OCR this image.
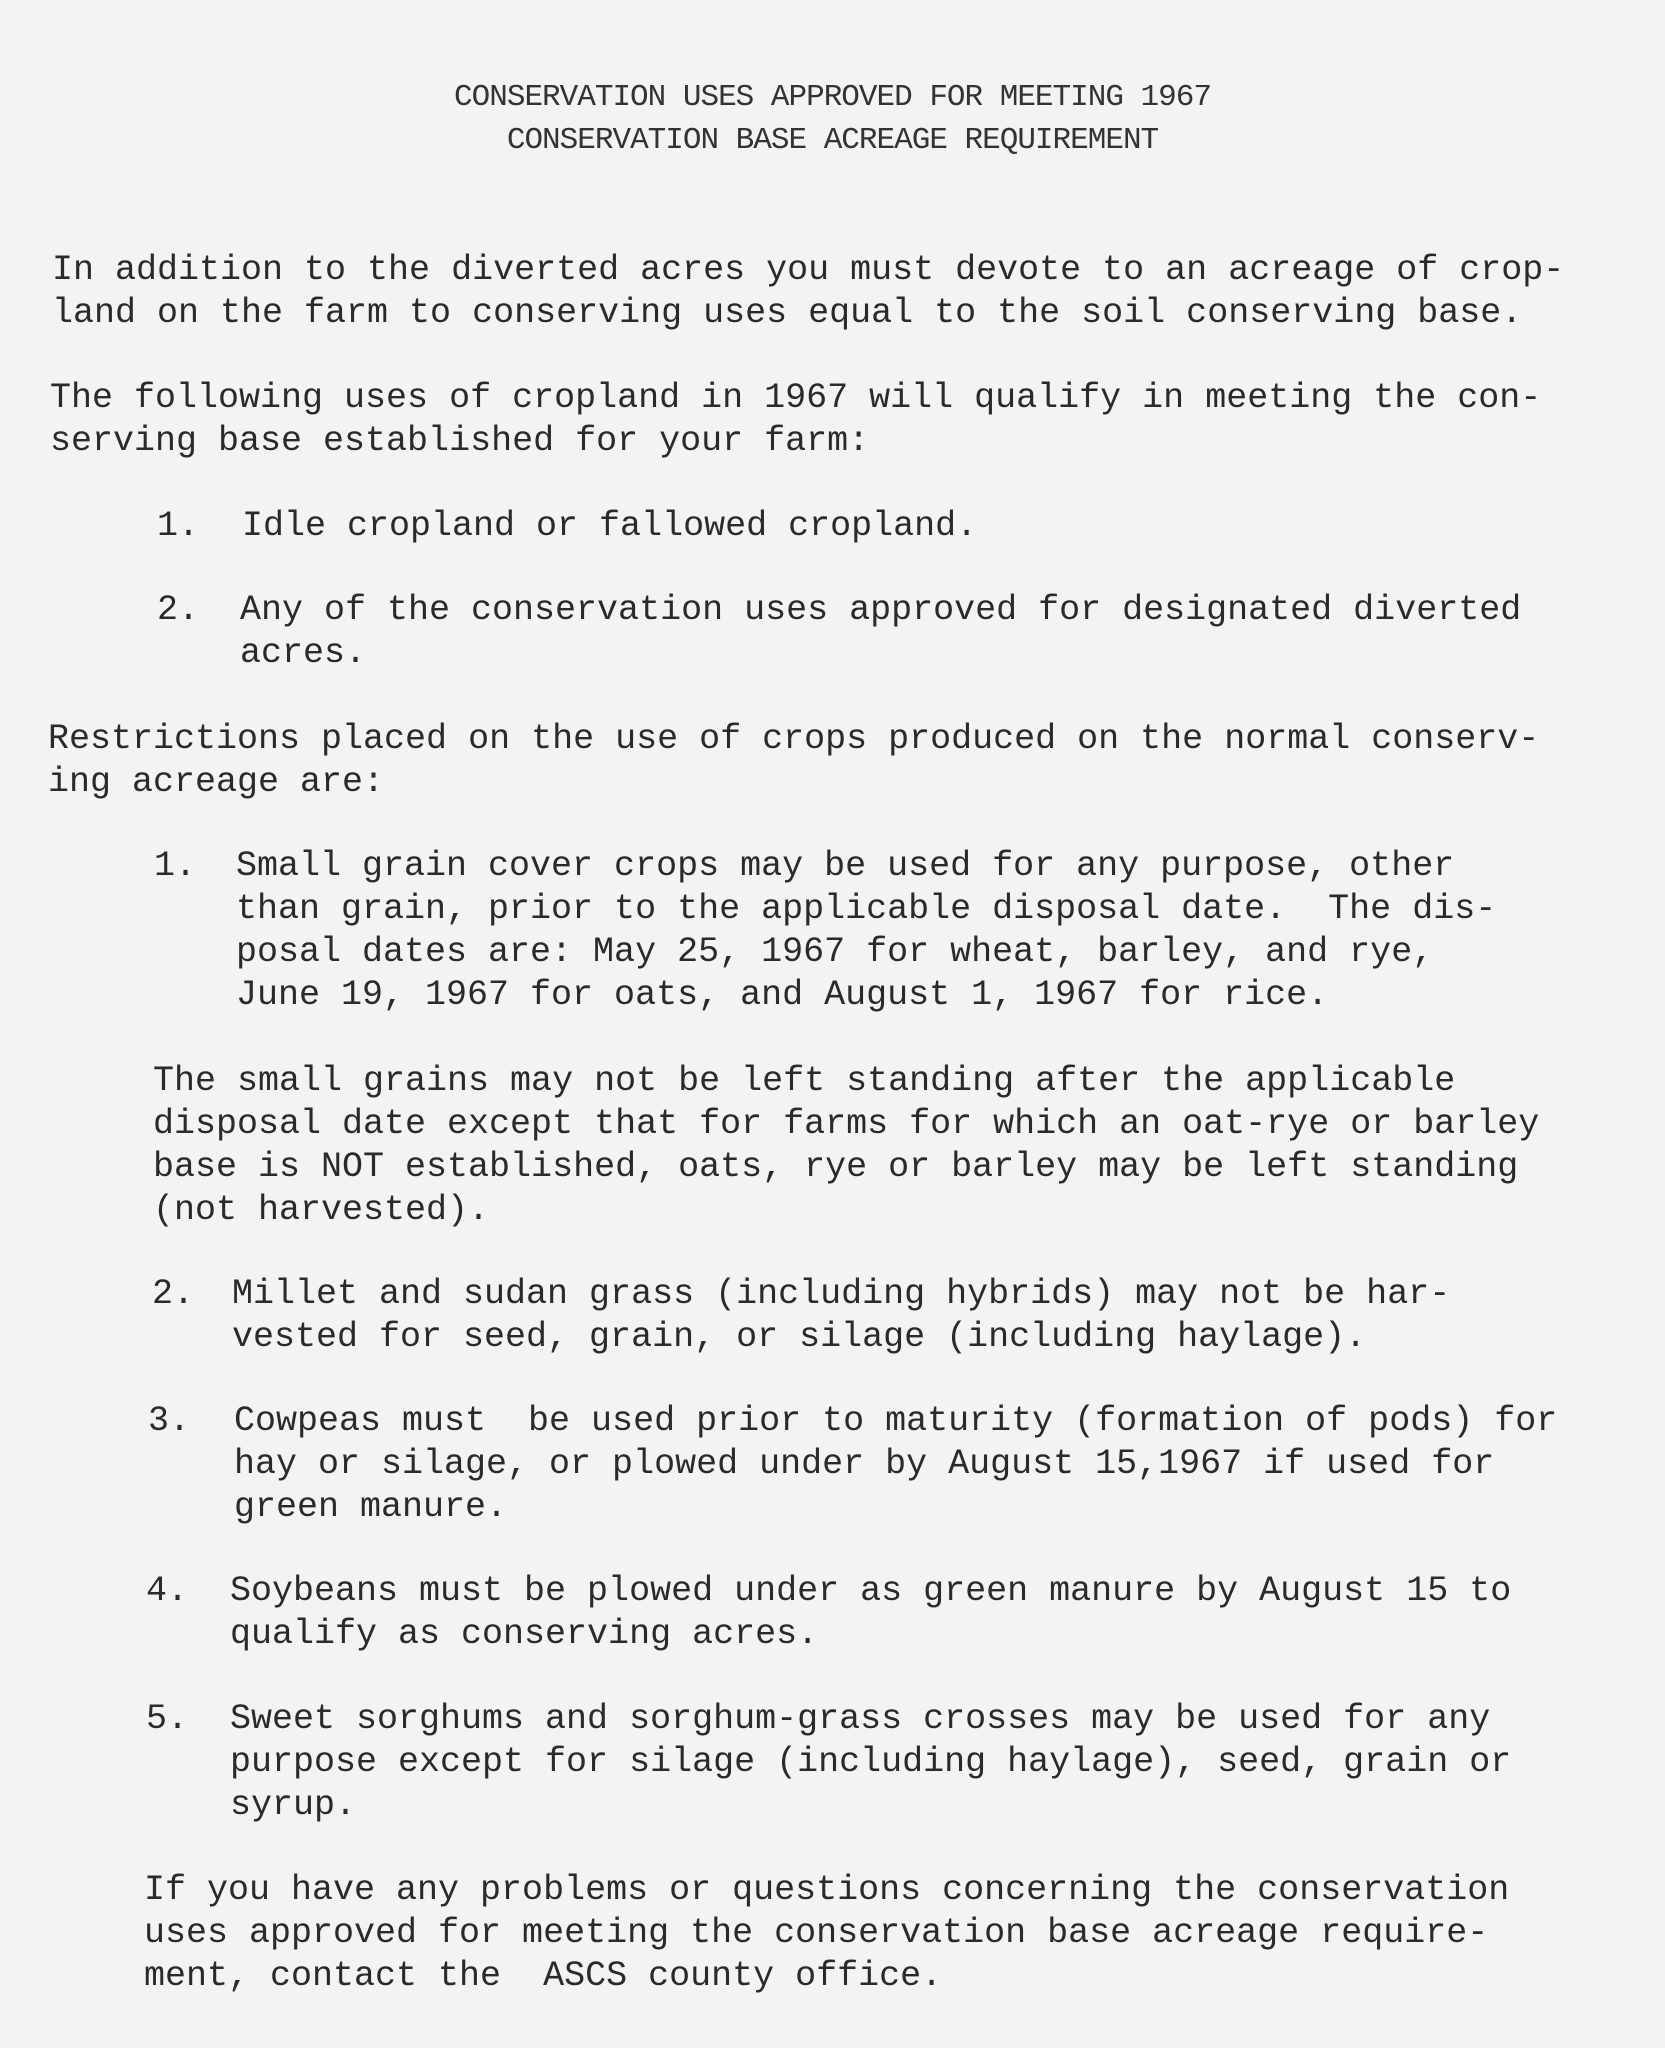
CONSERVATION USES APPROVED FOR MEETING 1967
CONSERVATION BASE ACREAGE REQUIREMENT
In addition to the diverted acres you must devote to an acreage of crop-
land on the farm to conserving uses equal to the soil conserving base.
The following uses of cropland in 1967 will qualify in meeting the con-
serving base established for your farm:
1. Idle cropland or fallowed cropland.
2. Any of the conservation uses approved for designated diverted
acres.
Restrictions placed on the use of crops produced on the normal conserv-
ing acreage are:
1. Small grain cover crops may be used for any purpose, other
than grain, prior to the applicable disposal date.  The dis-
posal dates are: May 25, 1967 for wheat, barley, and rye,
June 19, 1967 for oats, and August 1, 1967 for rice.
The small grains may not be left standing after the applicable
disposal date except that for farms for which an oat-rye or barley
base is NOT established, oats, rye or barley may be left standing
(not harvested).
2. Millet and sudan grass (including hybrids) may not be har-
vested for seed, grain, or silage (including haylage).
3. Cowpeas must  be used prior to maturity (formation of pods) for
hay or silage, or plowed under by August 15,1967 if used for
green manure.
4. Soybeans must be plowed under as green manure by August 15 to
qualify as conserving acres.
5. Sweet sorghums and sorghum-grass crosses may be used for any
purpose except for silage (including haylage), seed, grain or
syrup.
If you have any problems or questions concerning the conservation
uses approved for meeting the conservation base acreage require-
ment, contact the  ASCS county office.
